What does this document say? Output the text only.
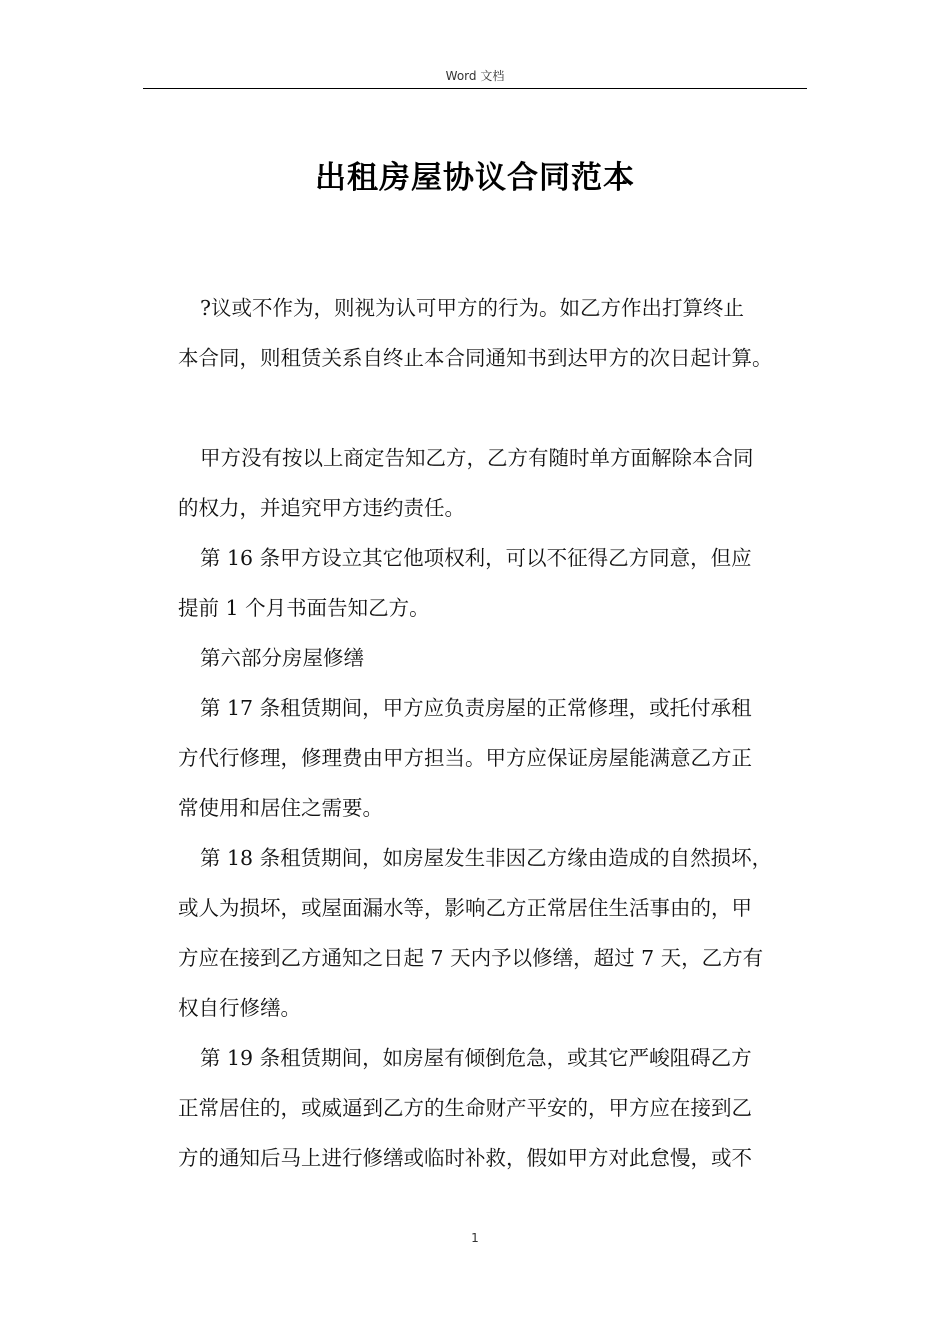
Word 文档
出租房屋协议合同范本
?议或不作为，则视为认可甲方的行为。如乙方作出打算终止
本合同，则租赁关系自终止本合同通知书到达甲方的次日起计算。
甲方没有按以上商定告知乙方，乙方有随时单方面解除本合同
的权力，并追究甲方违约责任。
第 16 条甲方设立其它他项权利，可以不征得乙方同意，但应
提前 1 个月书面告知乙方。
第六部分房屋修缮
第 17 条租赁期间，甲方应负责房屋的正常修理，或托付承租
方代行修理，修理费由甲方担当。甲方应保证房屋能满意乙方正
常使用和居住之需要。
第 18 条租赁期间，如房屋发生非因乙方缘由造成的自然损坏，
或人为损坏，或屋面漏水等，影响乙方正常居住生活事由的，甲
方应在接到乙方通知之日起 7 天内予以修缮，超过 7 天，乙方有
权自行修缮。
第 19 条租赁期间，如房屋有倾倒危急，或其它严峻阻碍乙方
正常居住的，或威逼到乙方的生命财产平安的，甲方应在接到乙
方的通知后马上进行修缮或临时补救，假如甲方对此怠慢，或不
1
